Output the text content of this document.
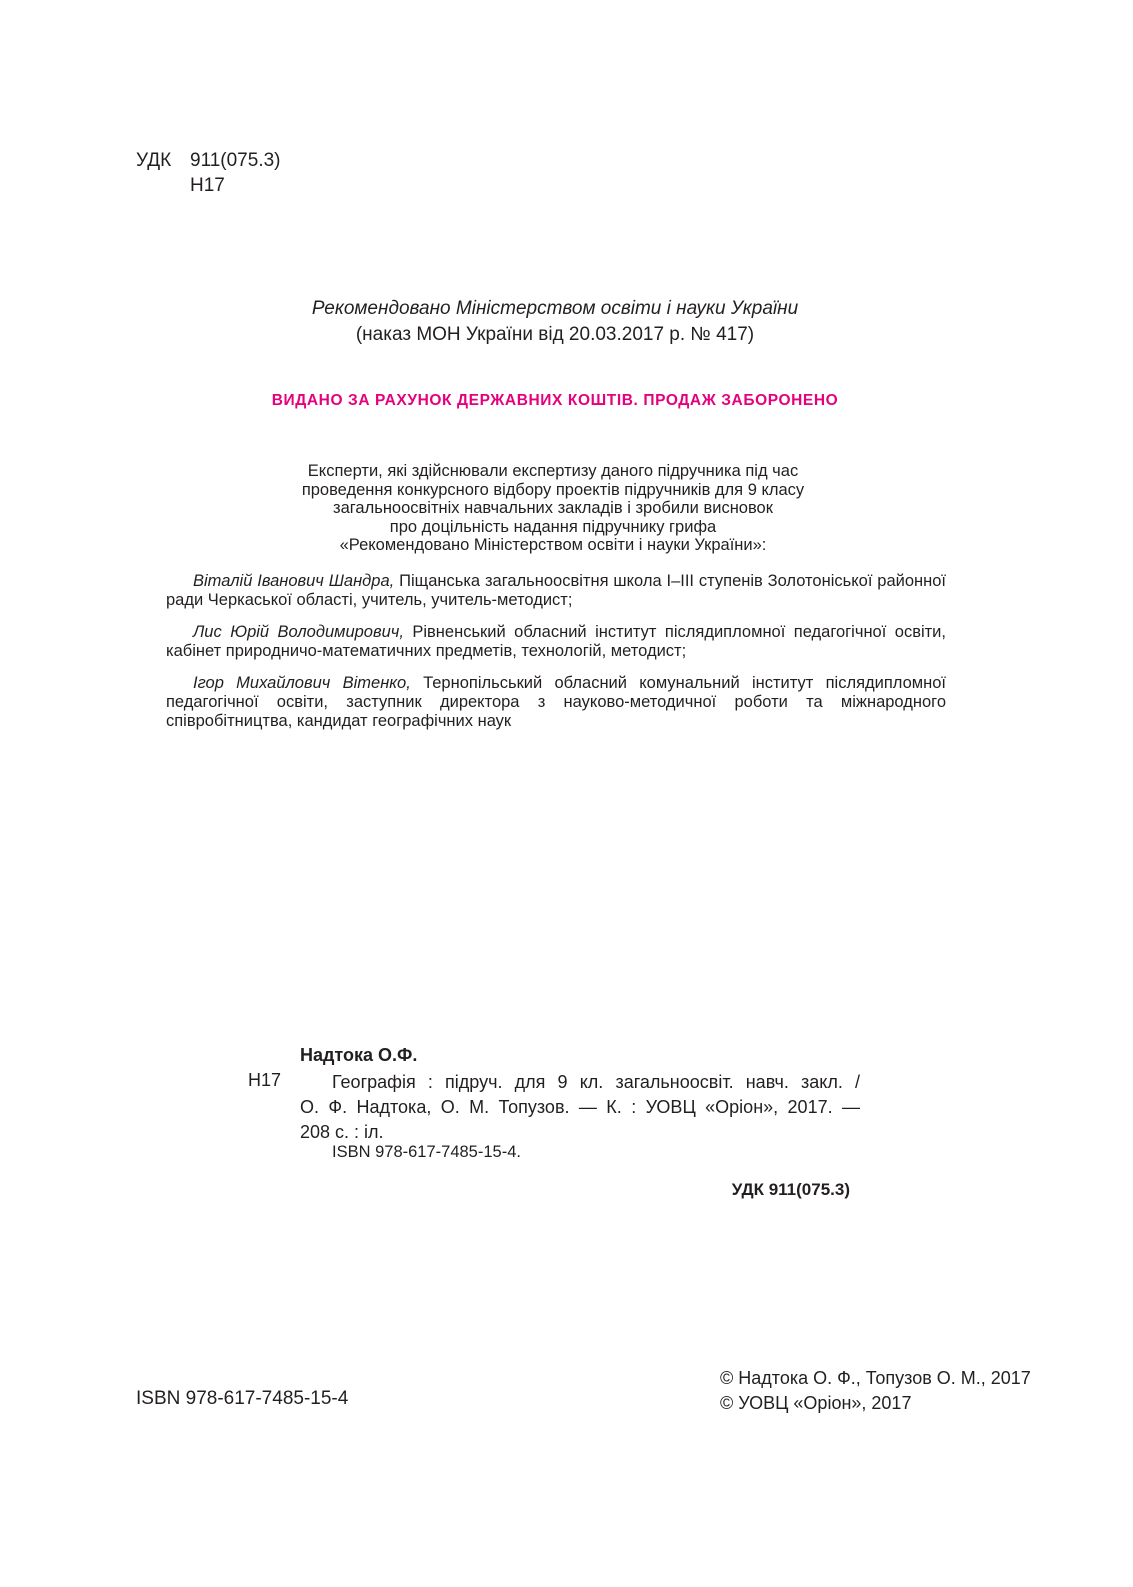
УДК 911(075.3)
Н17
Рекомендовано Міністерством освіти і науки України
(наказ МОН України від 20.03.2017 р. № 417)
ВИДАНО ЗА РАХУНОК ДЕРЖАВНИХ КОШТІВ. ПРОДАЖ ЗАБОРОНЕНО
Експерти, які здійснювали експертизу даного підручника під час
проведення конкурсного відбору проектів підручників для 9 класу
загальноосвітніх навчальних закладів і зробили висновок
про доцільність надання підручнику грифа
«Рекомендовано Міністерством освіти і науки України»:
Віталій Іванович Шандра, Піщанська загальноосвітня школа І–ІІІ ступенів Золотоніської районної ради Черкаської області, учитель, учитель-методист;
Лис Юрій Володимирович, Рівненський обласний інститут післядипломної педагогічної освіти, кабінет природничо-математичних предметів, технологій, методист;
Ігор Михайлович Вітенко, Тернопільський обласний комунальний інститут післядипломної педагогічної освіти, заступник директора з науково-методичної роботи та міжнародного співробітництва, кандидат географічних наук
Надтока О.Ф.
Н17	Географія : підруч. для 9 кл. загальноосвіт. навч. закл. /
О. Ф. Надтока, О. М. Топузов. — К. : УОВЦ «Оріон», 2017. —
208 с. : іл.
ISBN 978-617-7485-15-4.
УДК 911(075.3)
ISBN 978-617-7485-15-4
© Надтока О. Ф., Топузов О. М., 2017
© УОВЦ «Оріон», 2017
